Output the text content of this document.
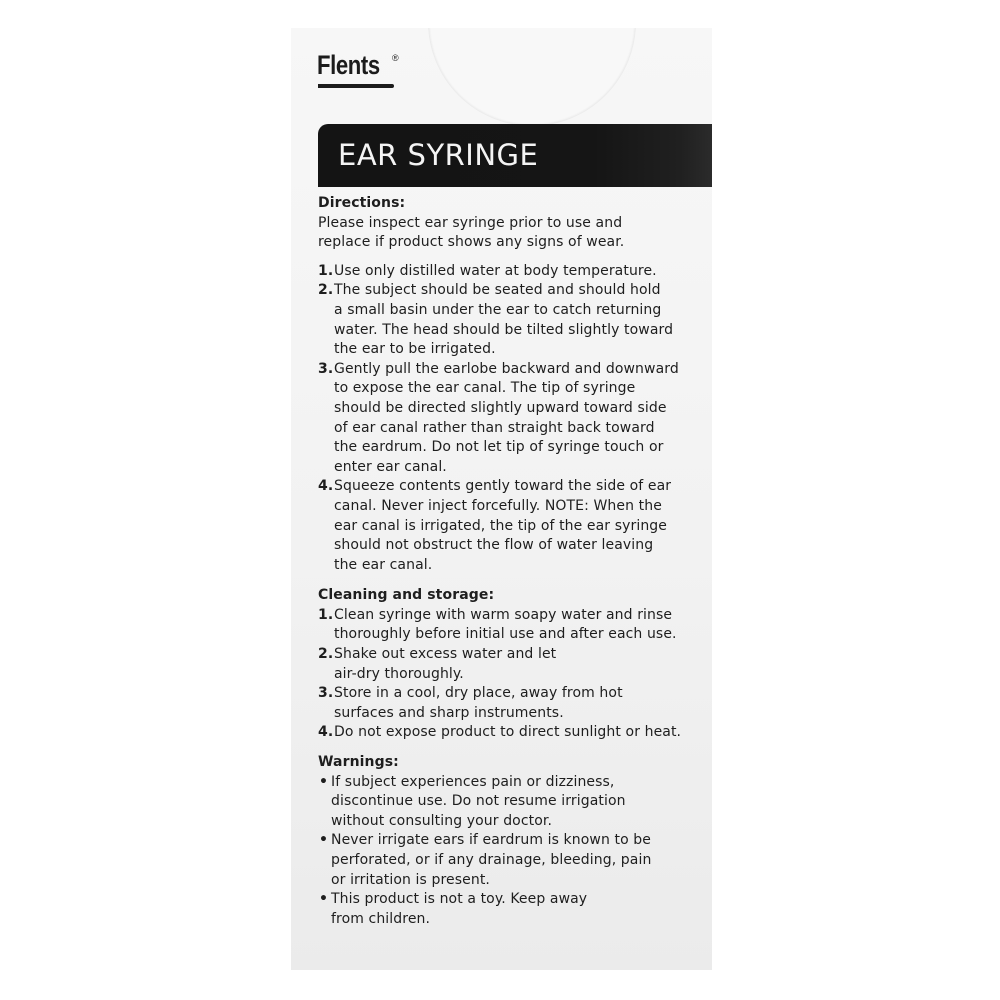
Flents ®
EAR SYRINGE
Directions:
Please inspect ear syringe prior to use and
replace if product shows any signs of wear.
1. Use only distilled water at body temperature.
2. The subject should be seated and should hold
a small basin under the ear to catch returning
water. The head should be tilted slightly toward
the ear to be irrigated.
3. Gently pull the earlobe backward and downward
to expose the ear canal. The tip of syringe
should be directed slightly upward toward side
of ear canal rather than straight back toward
the eardrum. Do not let tip of syringe touch or
enter ear canal.
4. Squeeze contents gently toward the side of ear
canal. Never inject forcefully. NOTE: When the
ear canal is irrigated, the tip of the ear syringe
should not obstruct the flow of water leaving
the ear canal.
Cleaning and storage:
1. Clean syringe with warm soapy water and rinse
thoroughly before initial use and after each use.
2. Shake out excess water and let
air-dry thoroughly.
3. Store in a cool, dry place, away from hot
surfaces and sharp instruments.
4. Do not expose product to direct sunlight or heat.
Warnings:
• If subject experiences pain or dizziness,
discontinue use. Do not resume irrigation
without consulting your doctor.
• Never irrigate ears if eardrum is known to be
perforated, or if any drainage, bleeding, pain
or irritation is present.
• This product is not a toy. Keep away
from children.
